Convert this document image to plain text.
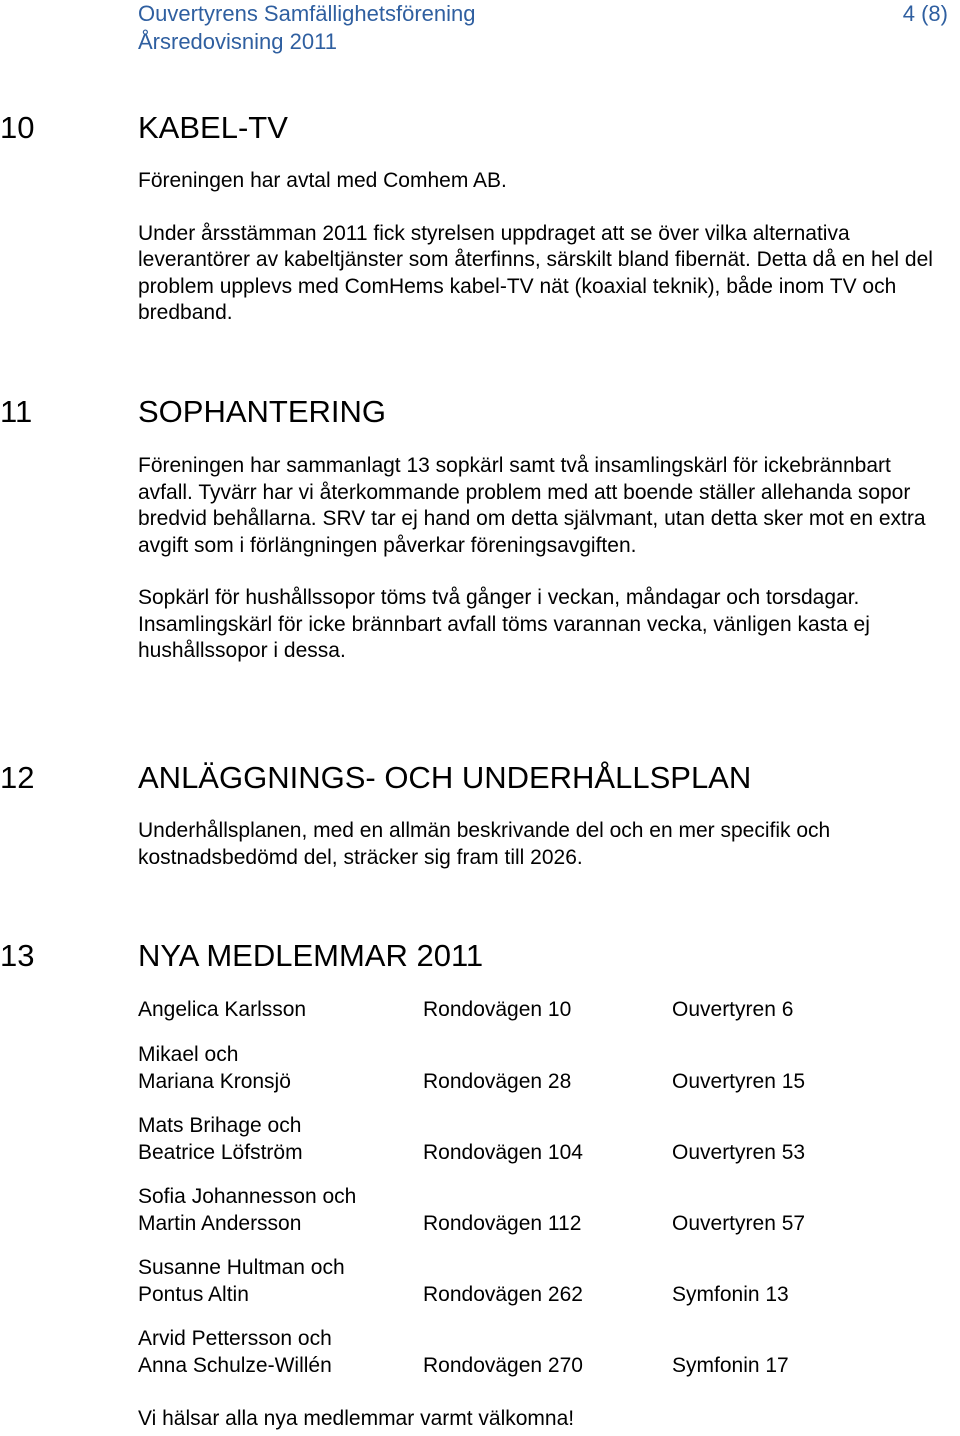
Ouvertyrens Samfällighetsförening
Årsredovisning 2011
4 (8)
10	KABEL-TV

Föreningen har avtal med Comhem AB.

Under årsstämman 2011 fick styrelsen uppdraget att se över vilka alternativa leverantörer av kabeltjänster som återfinns, särskilt bland fibernät. Detta då en hel del problem upplevs med ComHems kabel-TV nät (koaxial teknik), både inom TV och bredband.

11	SOPHANTERING

Föreningen har sammanlagt 13 sopkärl samt två insamlingskärl för ickebrännbart avfall. Tyvärr har vi återkommande problem med att boende ställer allehanda sopor bredvid behållarna. SRV tar ej hand om detta självmant, utan detta sker mot en extra avgift som i förlängningen påverkar föreningsavgiften.

Sopkärl för hushållssopor töms två gånger i veckan, måndagar och torsdagar. Insamlingskärl för icke brännbart avfall töms varannan vecka, vänligen kasta ej hushållssopor i dessa.

12	ANLÄGGNINGS- OCH UNDERHÅLLSPLAN

Underhållsplanen, med en allmän beskrivande del och en mer specifik och kostnadsbedömd del, sträcker sig fram till 2026.

13	NYA MEDLEMMAR 2011
Angelica Karlsson	Rondovägen 10	Ouvertyren 6
Mikael och
Mariana Kronsjö	Rondovägen 28	Ouvertyren 15
Mats Brihage och
Beatrice Löfström	Rondovägen 104	Ouvertyren 53
Sofia Johannesson och
Martin Andersson	Rondovägen 112	Ouvertyren 57
Susanne Hultman och
Pontus Altin	Rondovägen 262	Symfonin 13
Arvid Pettersson och
Anna Schulze-Willén	Rondovägen 270	Symfonin 17
Vi hälsar alla nya medlemmar varmt välkomna!
